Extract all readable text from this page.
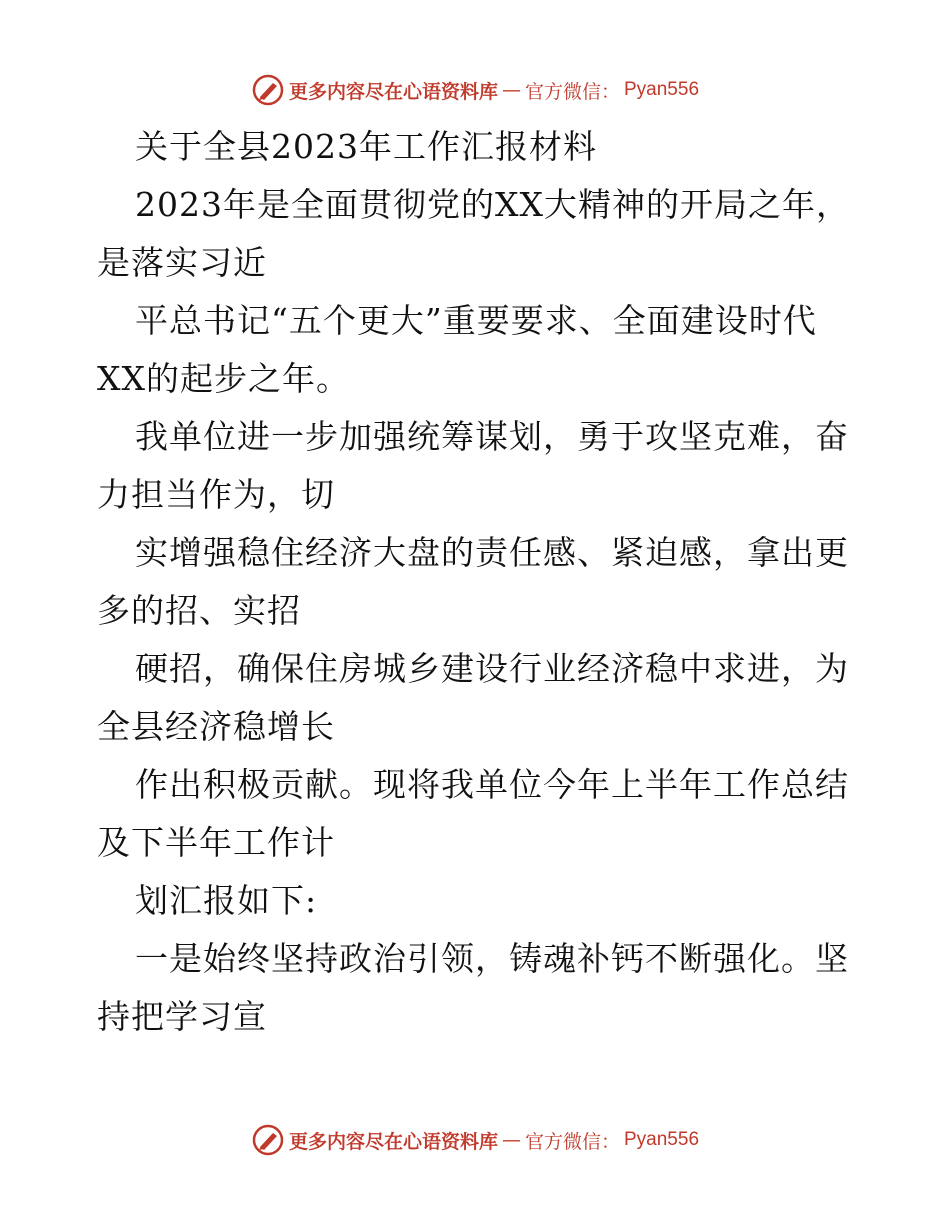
更多内容尽在心语资料库 — 官方微信： Pyan556
关于全县2023年工作汇报材料
2023年是全面贯彻党的XX大精神的开局之年，
是落实习近
平总书记“五个更大”重要要求、全面建设时代
XX的起步之年。
我单位进一步加强统筹谋划，勇于攻坚克难，奋
力担当作为，切
实增强稳住经济大盘的责任感、紧迫感，拿出更
多的招、实招
硬招，确保住房城乡建设行业经济稳中求进，为
全县经济稳增长
作出积极贡献。现将我单位今年上半年工作总结
及下半年工作计
划汇报如下:
一是始终坚持政治引领，铸魂补钙不断强化。坚
持把学习宣
更多内容尽在心语资料库 — 官方微信： Pyan556
